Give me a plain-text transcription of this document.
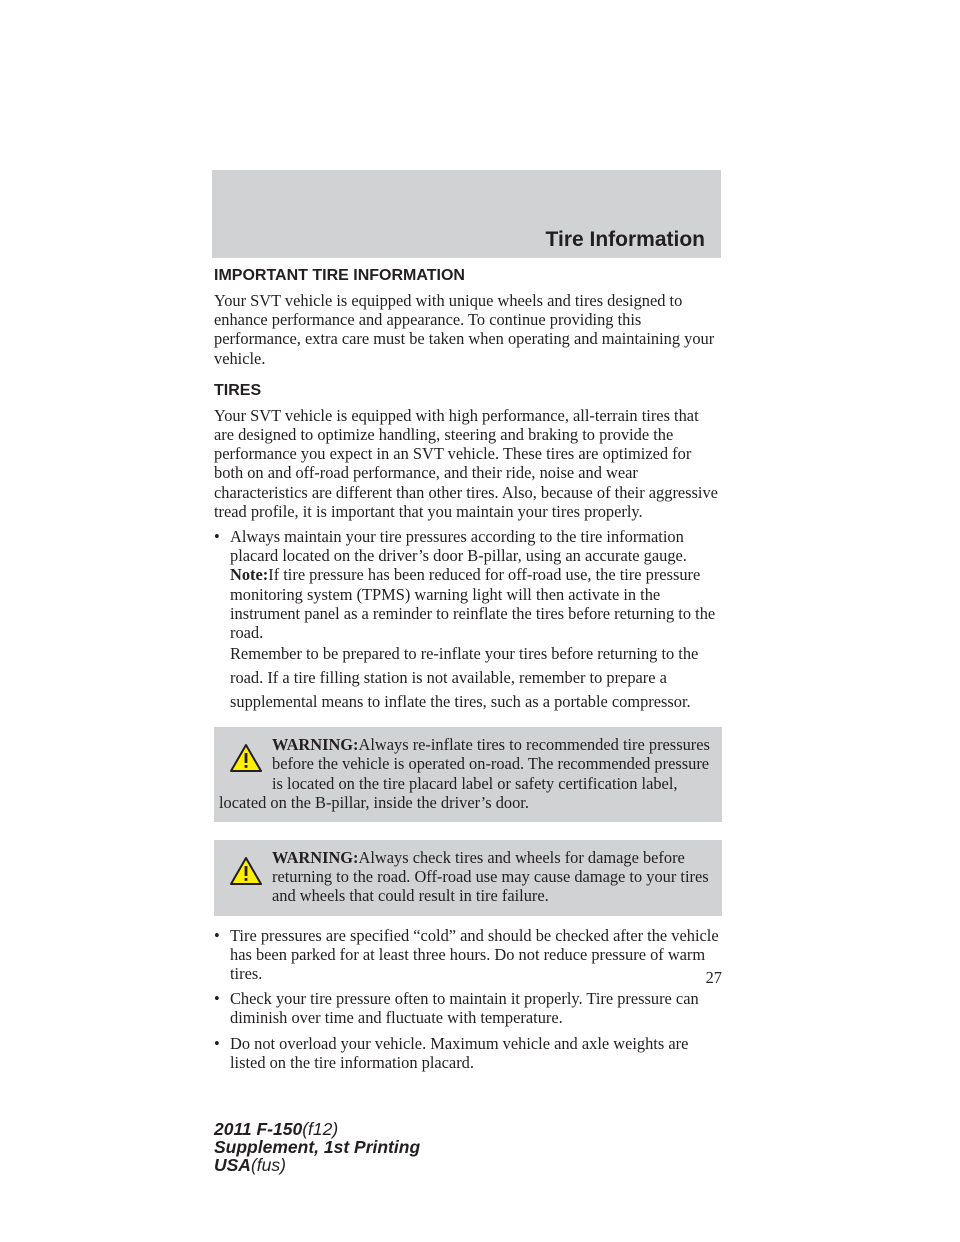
Tire Information
IMPORTANT TIRE INFORMATION

Your SVT vehicle is equipped with unique wheels and tires designed to enhance performance and appearance. To continue providing this performance, extra care must be taken when operating and maintaining your vehicle.

TIRES

Your SVT vehicle is equipped with high performance, all-terrain tires that are designed to optimize handling, steering and braking to provide the performance you expect in an SVT vehicle. These tires are optimized for both on and off-road performance, and their ride, noise and wear characteristics are different than other tires. Also, because of their aggressive tread profile, it is important that you maintain your tires properly.

• Always maintain your tire pressures according to the tire information placard located on the driver’s door B-pillar, using an accurate gauge. Note:If tire pressure has been reduced for off-road use, the tire pressure monitoring system (TPMS) warning light will then activate in the instrument panel as a reminder to reinflate the tires before returning to the road.
Remember to be prepared to re-inflate your tires before returning to the road. If a tire filling station is not available, remember to prepare a supplemental means to inflate the tires, such as a portable compressor.
WARNING:Always re-inflate tires to recommended tire pressures before the vehicle is operated on-road. The recommended pressure is located on the tire placard label or safety certification label, located on the B-pillar, inside the driver’s door.
WARNING:Always check tires and wheels for damage before returning to the road. Off-road use may cause damage to your tires and wheels that could result in tire failure.
• Tire pressures are specified “cold” and should be checked after the vehicle has been parked for at least three hours. Do not reduce pressure of warm tires.
• Check your tire pressure often to maintain it properly. Tire pressure can diminish over time and fluctuate with temperature.
• Do not overload your vehicle. Maximum vehicle and axle weights are listed on the tire information placard.
27
2011 F-150(f12)
Supplement, 1st Printing
USA(fus)
